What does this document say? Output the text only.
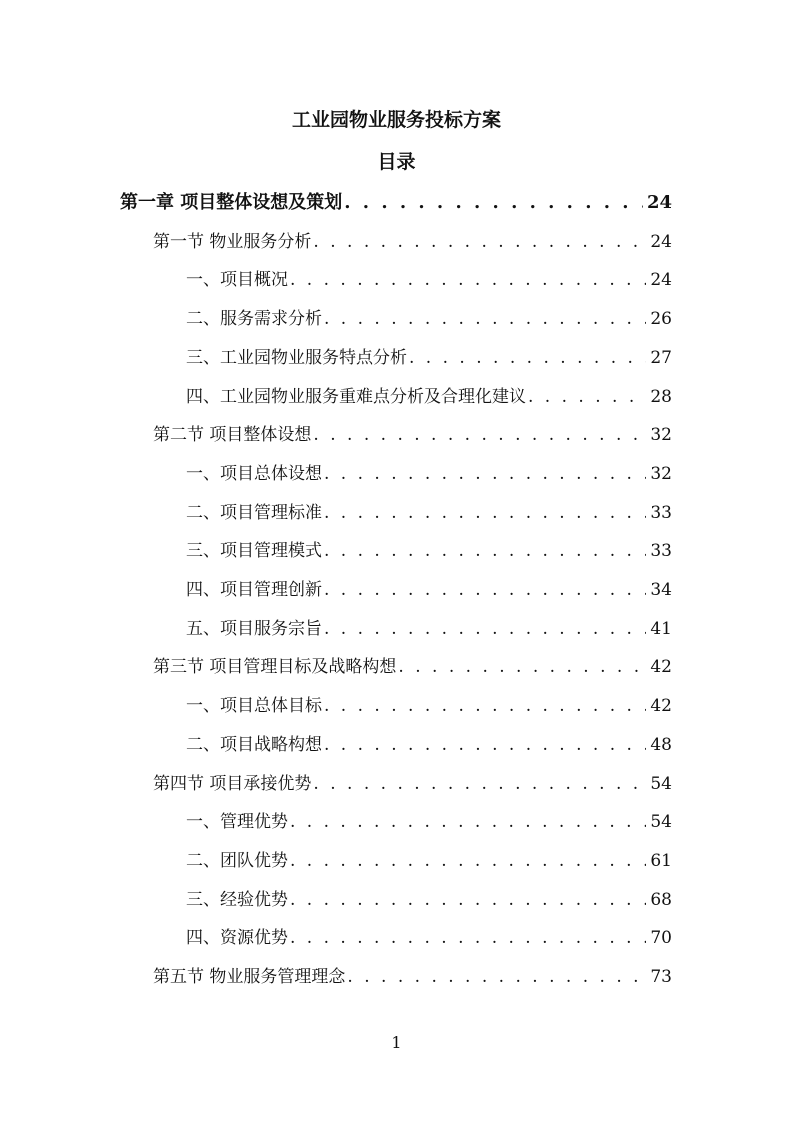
工业园物业服务投标方案
目录
第一章 项目整体设想及策划 . . .	24
第一节 物业服务分析 . . .	24
一、项目概况 . . .	24
二、服务需求分析 . . .	26
三、工业园物业服务特点分析 . . .	27
四、工业园物业服务重难点分析及合理化建议 . . .	28
第二节 项目整体设想 . . .	32
一、项目总体设想 . . .	32
二、项目管理标准 . . .	33
三、项目管理模式 . . .	33
四、项目管理创新 . . .	34
五、项目服务宗旨 . . .	41
第三节 项目管理目标及战略构想 . . .	42
一、项目总体目标 . . .	42
二、项目战略构想 . . .	48
第四节 项目承接优势 . . .	54
一、管理优势 . . .	54
二、团队优势 . . .	61
三、经验优势 . . .	68
四、资源优势 . . .	70
第五节 物业服务管理理念 . . .	73
1
